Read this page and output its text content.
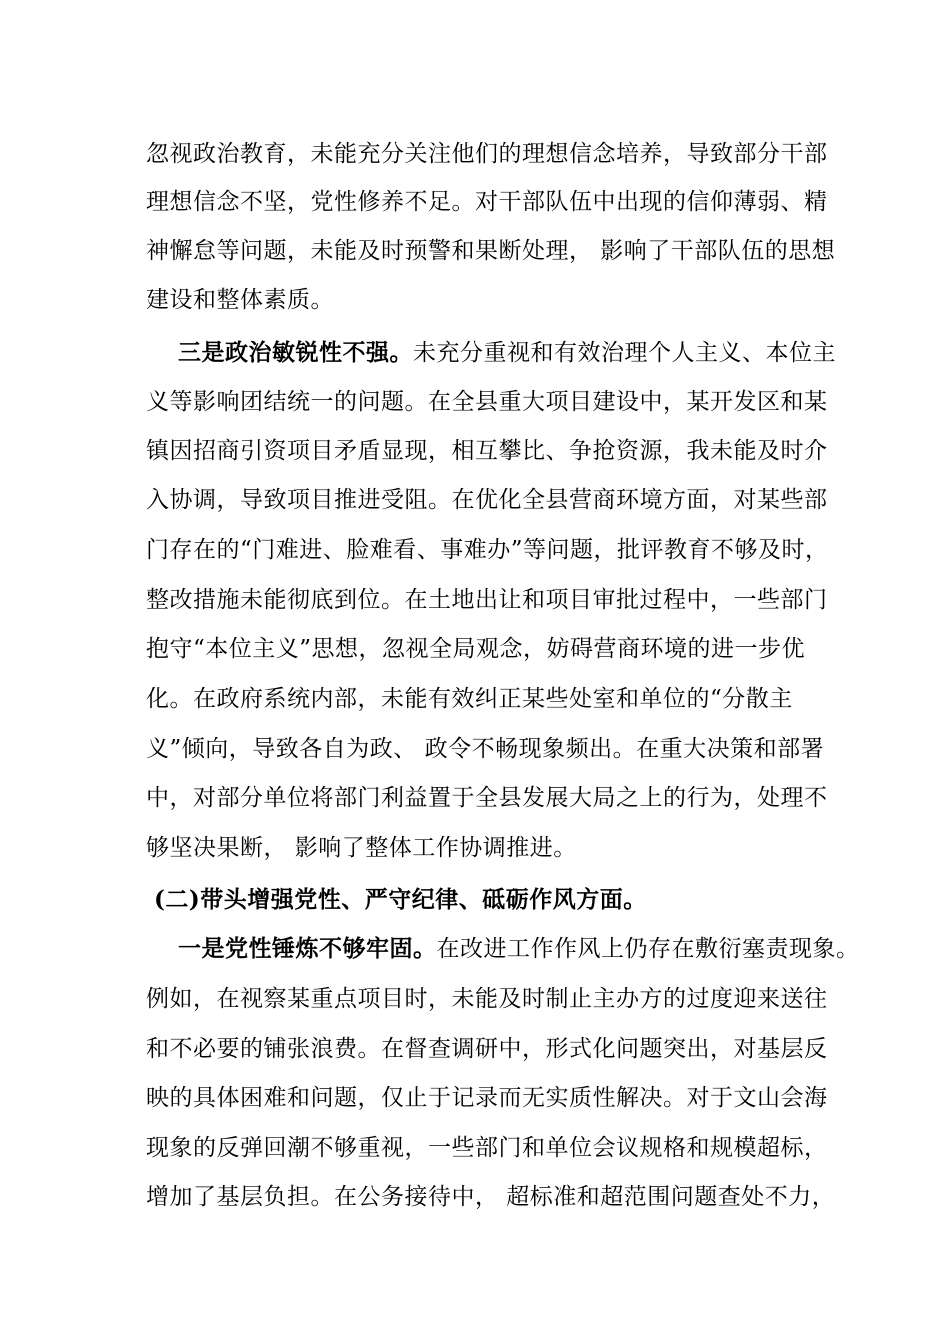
忽视政治教育，未能充分关注他们的理想信念培养，导致部分干部
理想信念不坚，党性修养不足。对干部队伍中出现的信仰薄弱、精
神懈怠等问题，未能及时预警和果断处理， 影响了干部队伍的思想
建设和整体素质。
三是政治敏锐性不强。未充分重视和有效治理个人主义、本位主
义等影响团结统一的问题。在全县重大项目建设中，某开发区和某
镇因招商引资项目矛盾显现，相互攀比、争抢资源，我未能及时介
入协调，导致项目推进受阻。在优化全县营商环境方面，对某些部
门存在的“门难进、脸难看、事难办”等问题，批评教育不够及时，
整改措施未能彻底到位。在土地出让和项目审批过程中，一些部门
抱守“本位主义”思想，忽视全局观念，妨碍营商环境的进一步优
化。在政府系统内部，未能有效纠正某些处室和单位的“分散主
义”倾向，导致各自为政、 政令不畅现象频出。在重大决策和部署
中，对部分单位将部门利益置于全县发展大局之上的行为，处理不
够坚决果断， 影响了整体工作协调推进。
(二)带头增强党性、严守纪律、砥砺作风方面。
一是党性锤炼不够牢固。在改进工作作风上仍存在敷衍塞责现象。
例如，在视察某重点项目时，未能及时制止主办方的过度迎来送往
和不必要的铺张浪费。在督查调研中，形式化问题突出，对基层反
映的具体困难和问题，仅止于记录而无实质性解决。对于文山会海
现象的反弹回潮不够重视，一些部门和单位会议规格和规模超标，
增加了基层负担。在公务接待中， 超标准和超范围问题查处不力，
